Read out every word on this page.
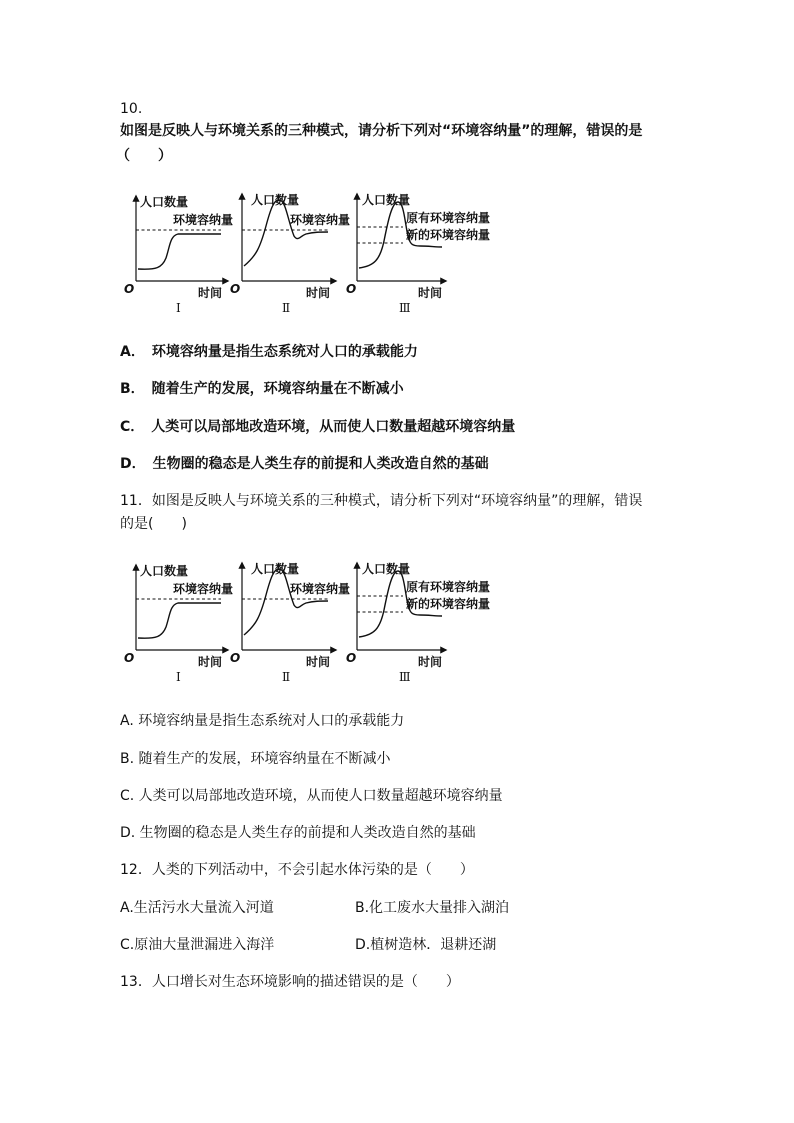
10.
如图是反映人与环境关系的三种模式，请分析下列对“环境容纳量”的理解，错误的是
（　　）
人口数量
环境容纳量
O	时间
Ⅰ
人口数量
环境容纳量
O	时间
Ⅱ
人口数量
原有环境容纳量
新的环境容纳量
O	时间
Ⅲ
A．　环境容纳量是指生态系统对人口的承载能力
B．　随着生产的发展，环境容纳量在不断减小
C．　人类可以局部地改造环境，从而使人口数量超越环境容纳量
D．　生物圈的稳态是人类生存的前提和人类改造自然的基础
11．如图是反映人与环境关系的三种模式，请分析下列对“环境容纳量”的理解，错误
的是(　　)
人口数量
环境容纳量
O	时间
Ⅰ
人口数量
环境容纳量
O	时间
Ⅱ
人口数量
原有环境容纳量
新的环境容纳量
O	时间
Ⅲ
A. 环境容纳量是指生态系统对人口的承载能力
B. 随着生产的发展，环境容纳量在不断减小
C. 人类可以局部地改造环境，从而使人口数量超越环境容纳量
D. 生物圈的稳态是人类生存的前提和人类改造自然的基础
12．人类的下列活动中，不会引起水体污染的是（　　）
A.生活污水大量流入河道	B.化工废水大量排入湖泊
C.原油大量泄漏进入海洋	D.植树造林．退耕还湖
13．人口增长对生态环境影响的描述错误的是（　　）
